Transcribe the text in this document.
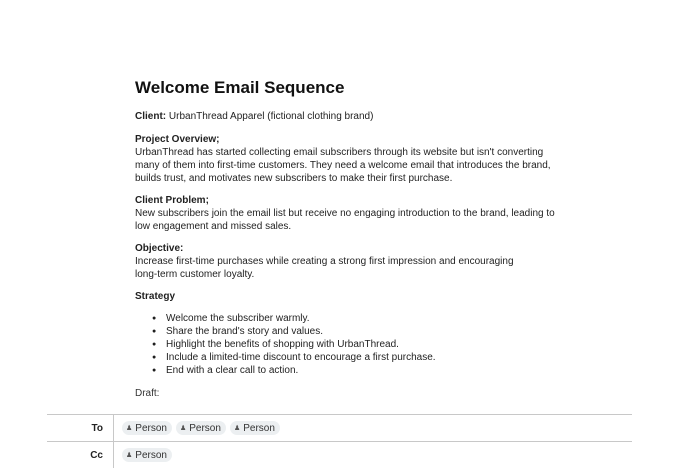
Welcome Email Sequence

Client: UrbanThread Apparel (fictional clothing brand)

Project Overview;

UrbanThread has started collecting email subscribers through its website but isn't converting
many of them into first-time customers. They need a welcome email that introduces the brand,
builds trust, and motivates new subscribers to make their first purchase.

Client Problem;

New subscribers join the email list but receive no engaging introduction to the brand, leading to
low engagement and missed sales.

Objective:

Increase first-time purchases while creating a strong first impression and encouraging
long-term customer loyalty.

Strategy

● Welcome the subscriber warmly.
● Share the brand's story and values.
● Highlight the benefits of shopping with UrbanThread.
● Include a limited-time discount to encourage a first purchase.
● End with a clear call to action.
Draft:
To	♟ Person ♟ Person ♟ Person
Cc	♟ Person
